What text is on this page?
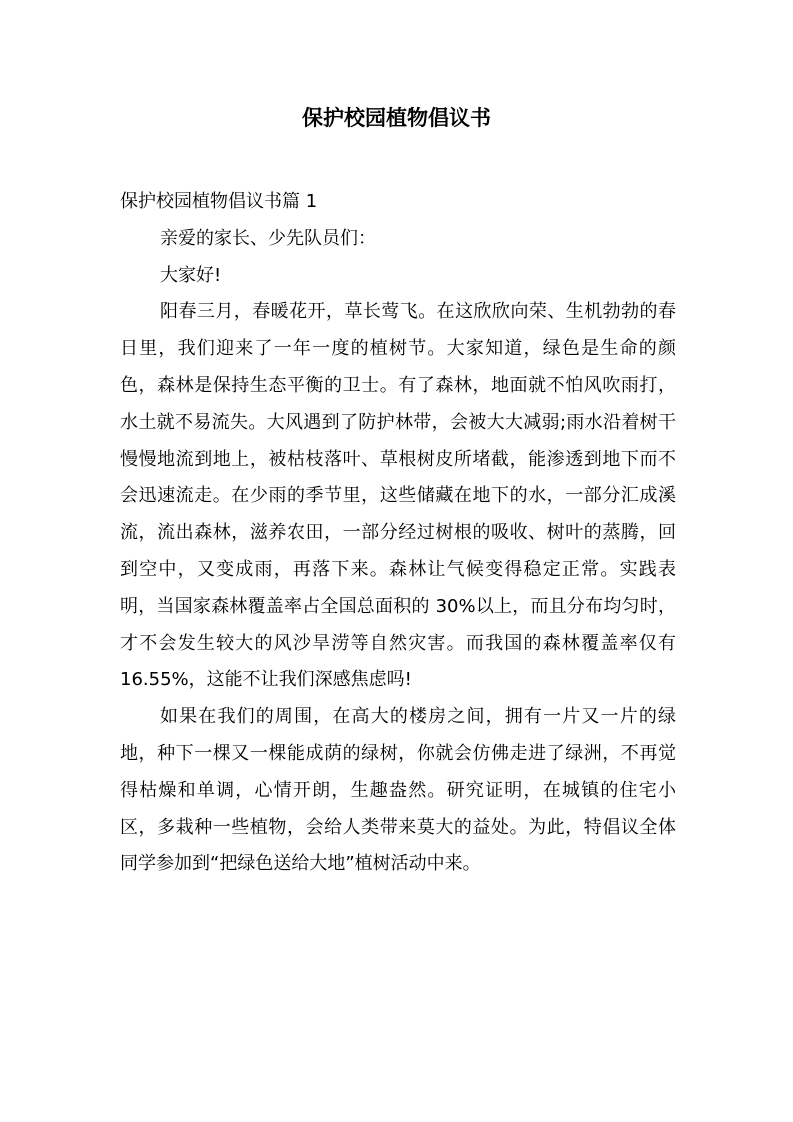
保护校园植物倡议书

保护校园植物倡议书篇 1

亲爱的家长、少先队员们：

大家好!

阳春三月，春暖花开，草长莺飞。在这欣欣向荣、生机勃勃的春日里，我们迎来了一年一度的植树节。大家知道，绿色是生命的颜色，森林是保持生态平衡的卫士。有了森林，地面就不怕风吹雨打，水土就不易流失。大风遇到了防护林带，会被大大减弱;雨水沿着树干慢慢地流到地上，被枯枝落叶、草根树皮所堵截，能渗透到地下而不会迅速流走。在少雨的季节里，这些储藏在地下的水，一部分汇成溪流，流出森林，滋养农田，一部分经过树根的吸收、树叶的蒸腾，回到空中，又变成雨，再落下来。森林让气候变得稳定正常。实践表明，当国家森林覆盖率占全国总面积的 30%以上，而且分布均匀时，才不会发生较大的风沙旱涝等自然灾害。而我国的森林覆盖率仅有 16.55%，这能不让我们深感焦虑吗!

如果在我们的周围，在高大的楼房之间，拥有一片又一片的绿地，种下一棵又一棵能成荫的绿树，你就会仿佛走进了绿洲，不再觉得枯燥和单调，心情开朗，生趣盎然。研究证明，在城镇的住宅小区，多栽种一些植物，会给人类带来莫大的益处。为此，特倡议全体同学参加到“把绿色送给大地”植树活动中来。
